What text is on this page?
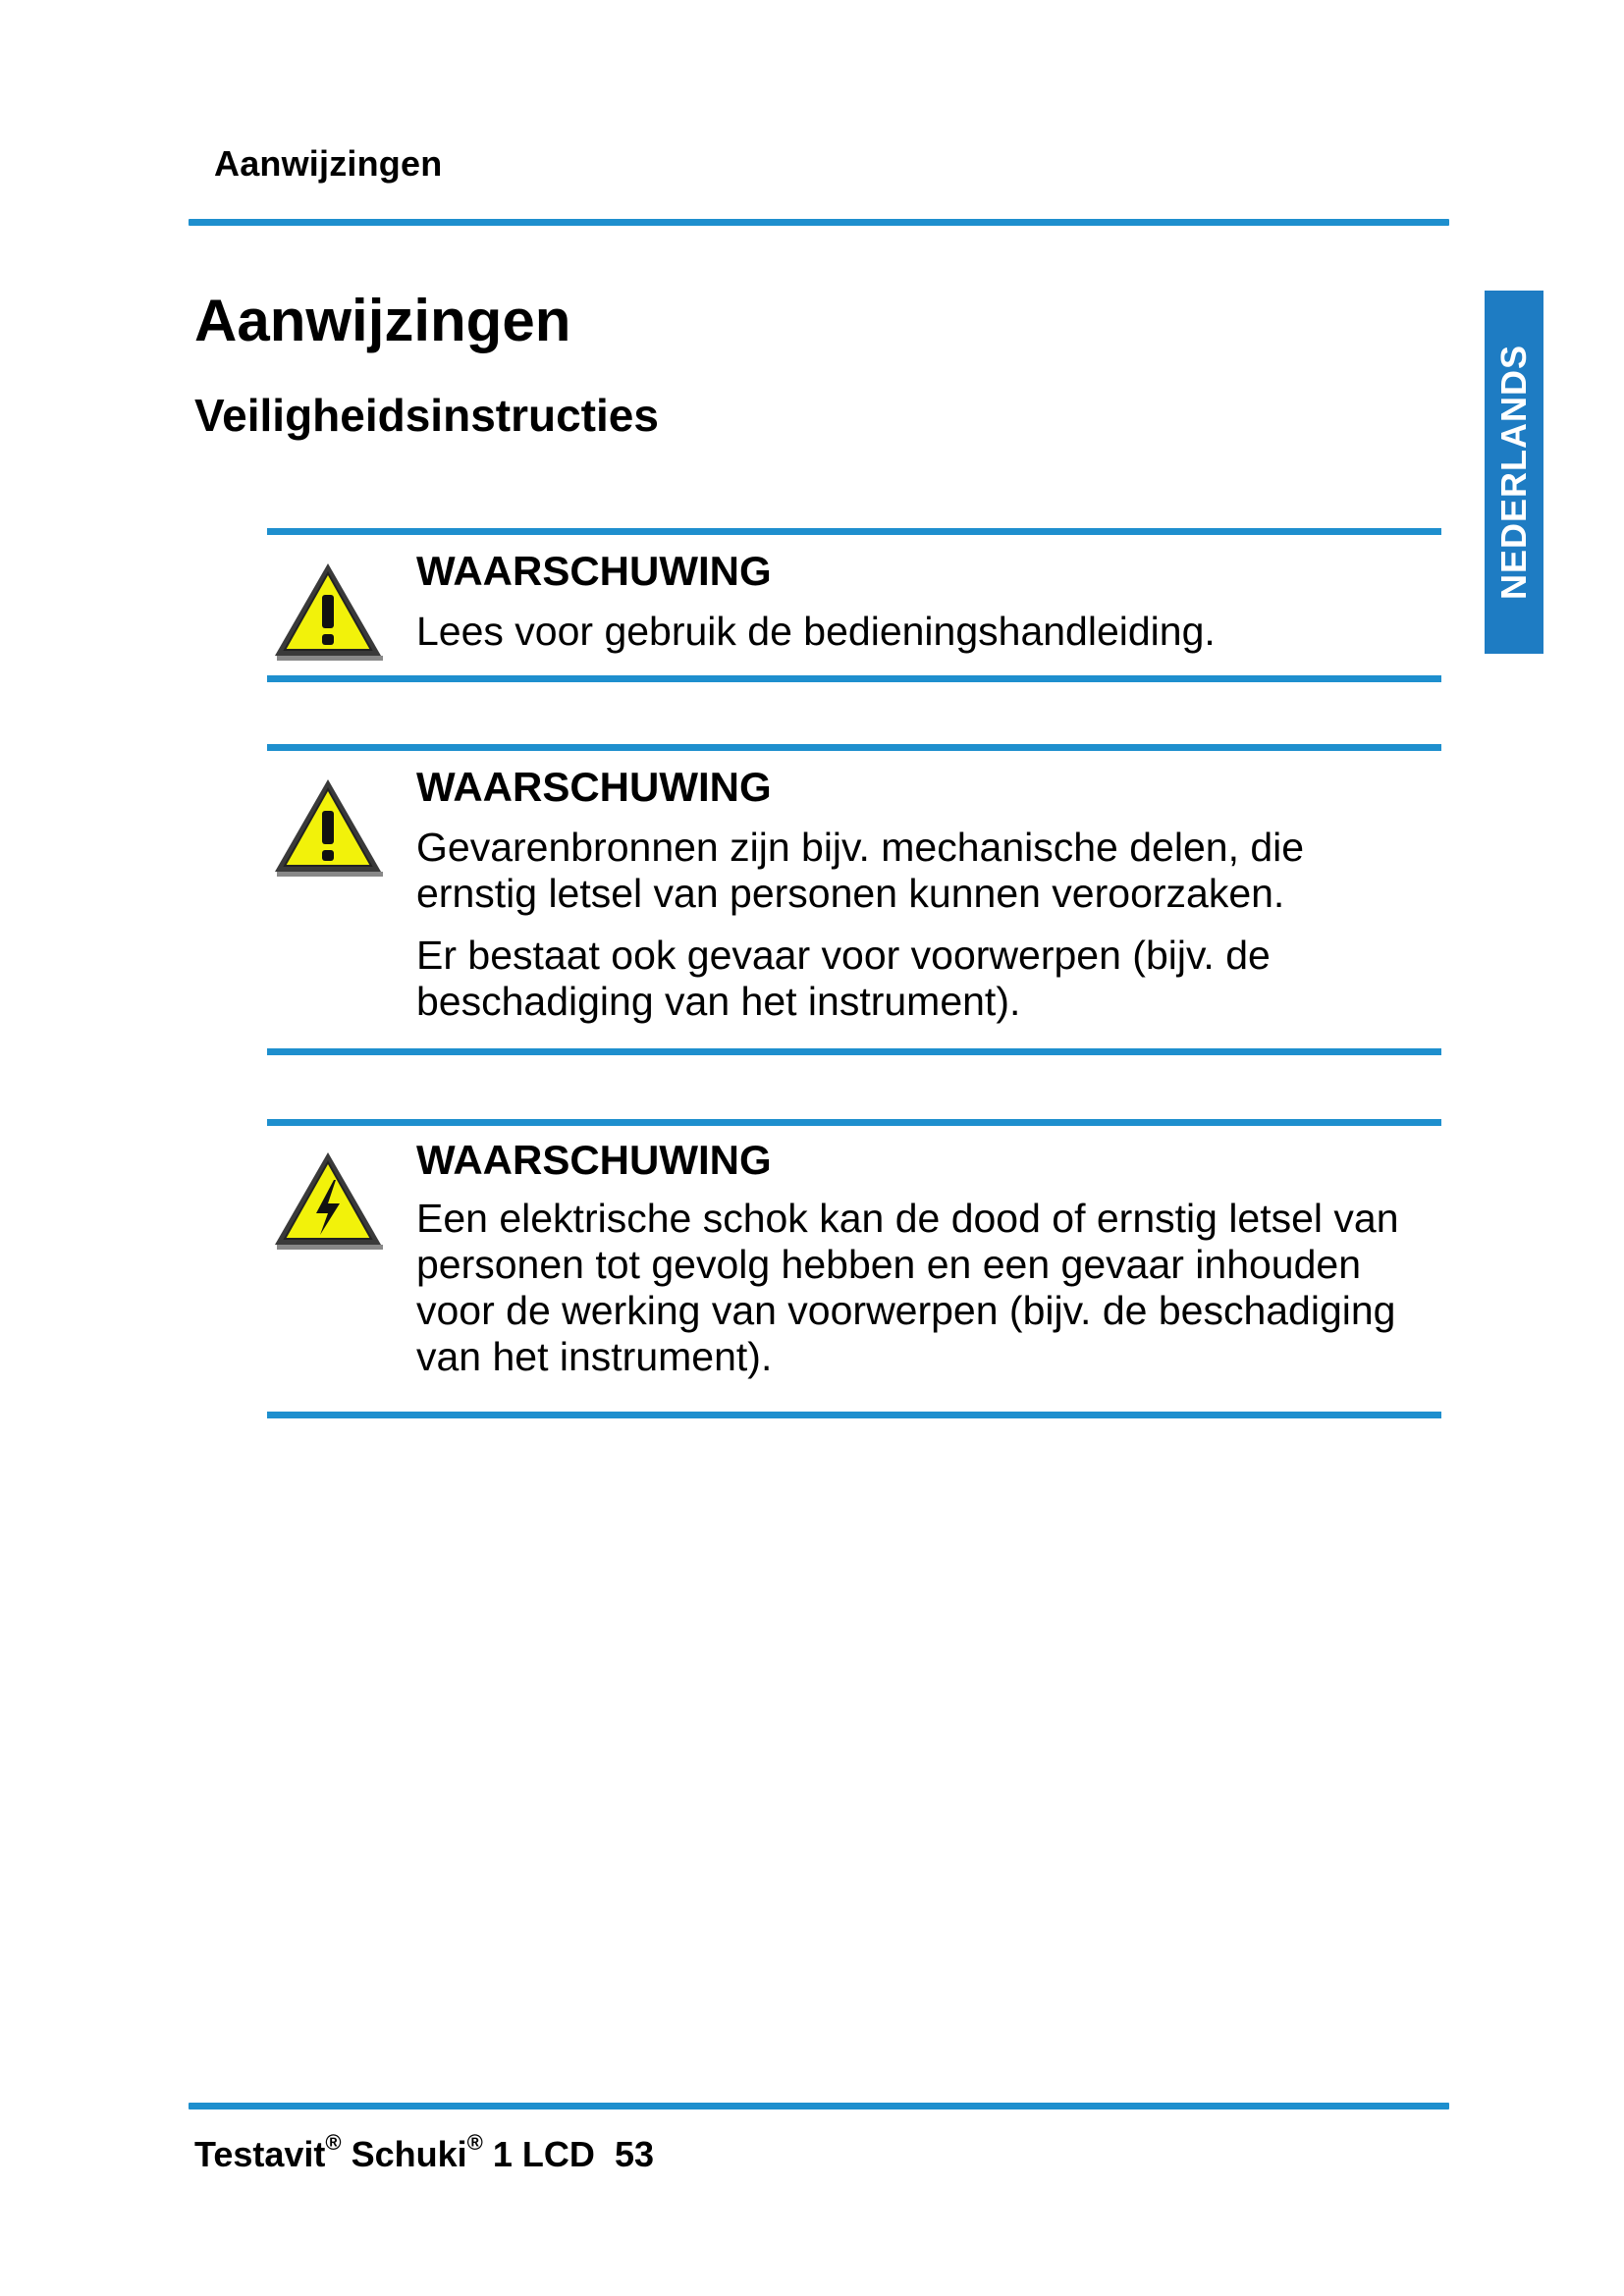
Aanwijzingen
NEDERLANDS
Aanwijzingen
Veiligheidsinstructies
WAARSCHUWING

Lees voor gebruik de bedieningshandleiding.

WAARSCHUWING

Gevarenbronnen zijn bijv. mechanische delen, die ernstig letsel van personen kunnen veroorzaken.

Er bestaat ook gevaar voor voorwerpen (bijv. de beschadiging van het instrument).

WAARSCHUWING

Een elektrische schok kan de dood of ernstig letsel van personen tot gevolg hebben en een gevaar inhouden voor de werking van voorwerpen (bijv. de beschadiging van het instrument).

Testavit® Schuki® 1 LCD 53
